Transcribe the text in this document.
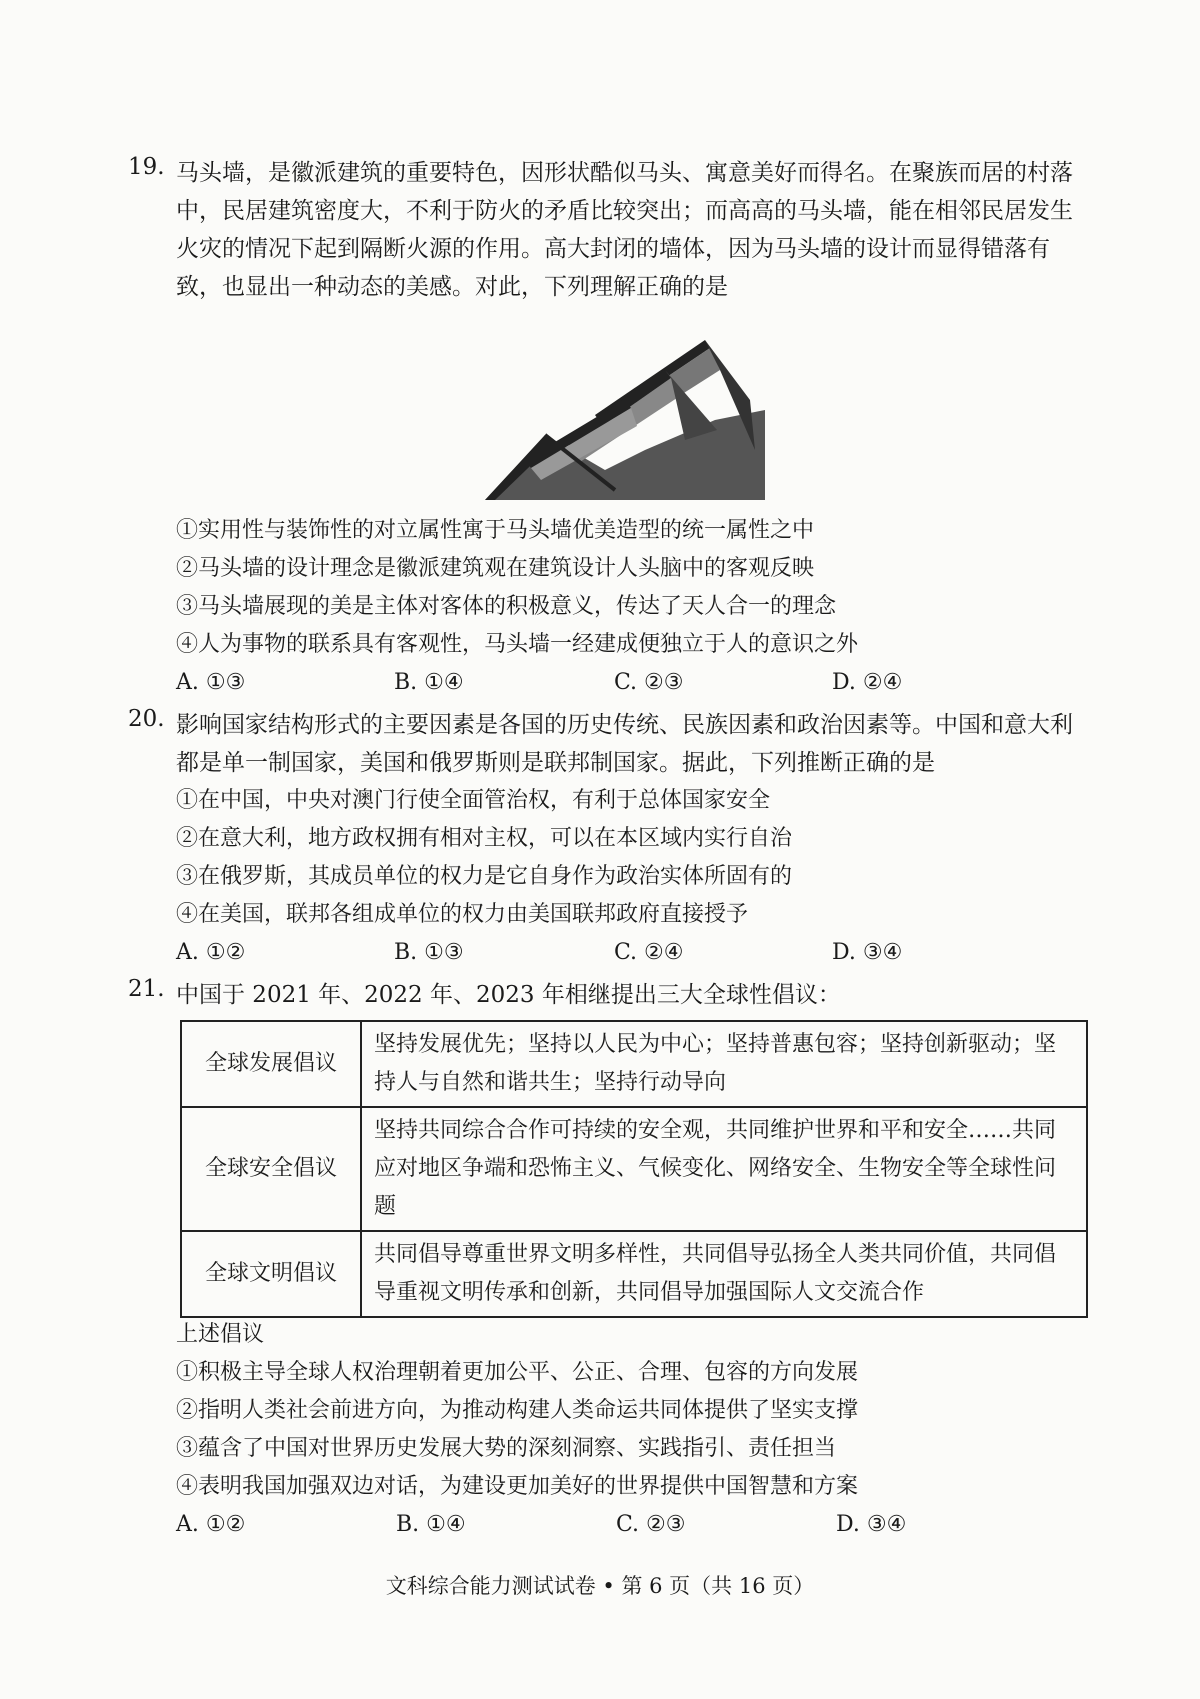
19. 马头墙，是徽派建筑的重要特色，因形状酷似马头、寓意美好而得名。在聚族而居的村落中，民居建筑密度大，不利于防火的矛盾比较突出；而高高的马头墙，能在相邻民居发生火灾的情况下起到隔断火源的作用。高大封闭的墙体，因为马头墙的设计而显得错落有致，也显出一种动态的美感。对此，下列理解正确的是
①实用性与装饰性的对立属性寓于马头墙优美造型的统一属性之中
②马头墙的设计理念是徽派建筑观在建筑设计人头脑中的客观反映
③马头墙展现的美是主体对客体的积极意义，传达了天人合一的理念
④人为事物的联系具有客观性，马头墙一经建成便独立于人的意识之外
A. ①③	B. ①④	C. ②③	D. ②④
20. 影响国家结构形式的主要因素是各国的历史传统、民族因素和政治因素等。中国和意大利都是单一制国家，美国和俄罗斯则是联邦制国家。据此，下列推断正确的是
①在中国，中央对澳门行使全面管治权，有利于总体国家安全
②在意大利，地方政权拥有相对主权，可以在本区域内实行自治
③在俄罗斯，其成员单位的权力是它自身作为政治实体所固有的
④在美国，联邦各组成单位的权力由美国联邦政府直接授予
A. ①②	B. ①③	C. ②④	D. ③④
21. 中国于 2021 年、2022 年、2023 年相继提出三大全球性倡议：
全球发展倡议	坚持发展优先；坚持以人民为中心；坚持普惠包容；坚持创新驱动；坚持人与自然和谐共生；坚持行动导向
全球安全倡议	坚持共同综合合作可持续的安全观，共同维护世界和平和安全……共同应对地区争端和恐怖主义、气候变化、网络安全、生物安全等全球性问题
全球文明倡议	共同倡导尊重世界文明多样性，共同倡导弘扬全人类共同价值，共同倡导重视文明传承和创新，共同倡导加强国际人文交流合作
上述倡议
①积极主导全球人权治理朝着更加公平、公正、合理、包容的方向发展
②指明人类社会前进方向，为推动构建人类命运共同体提供了坚实支撑
③蕴含了中国对世界历史发展大势的深刻洞察、实践指引、责任担当
④表明我国加强双边对话，为建设更加美好的世界提供中国智慧和方案
A. ①②	B. ①④	C. ②③	D. ③④
文科综合能力测试试卷 • 第 6 页（共 16 页）
